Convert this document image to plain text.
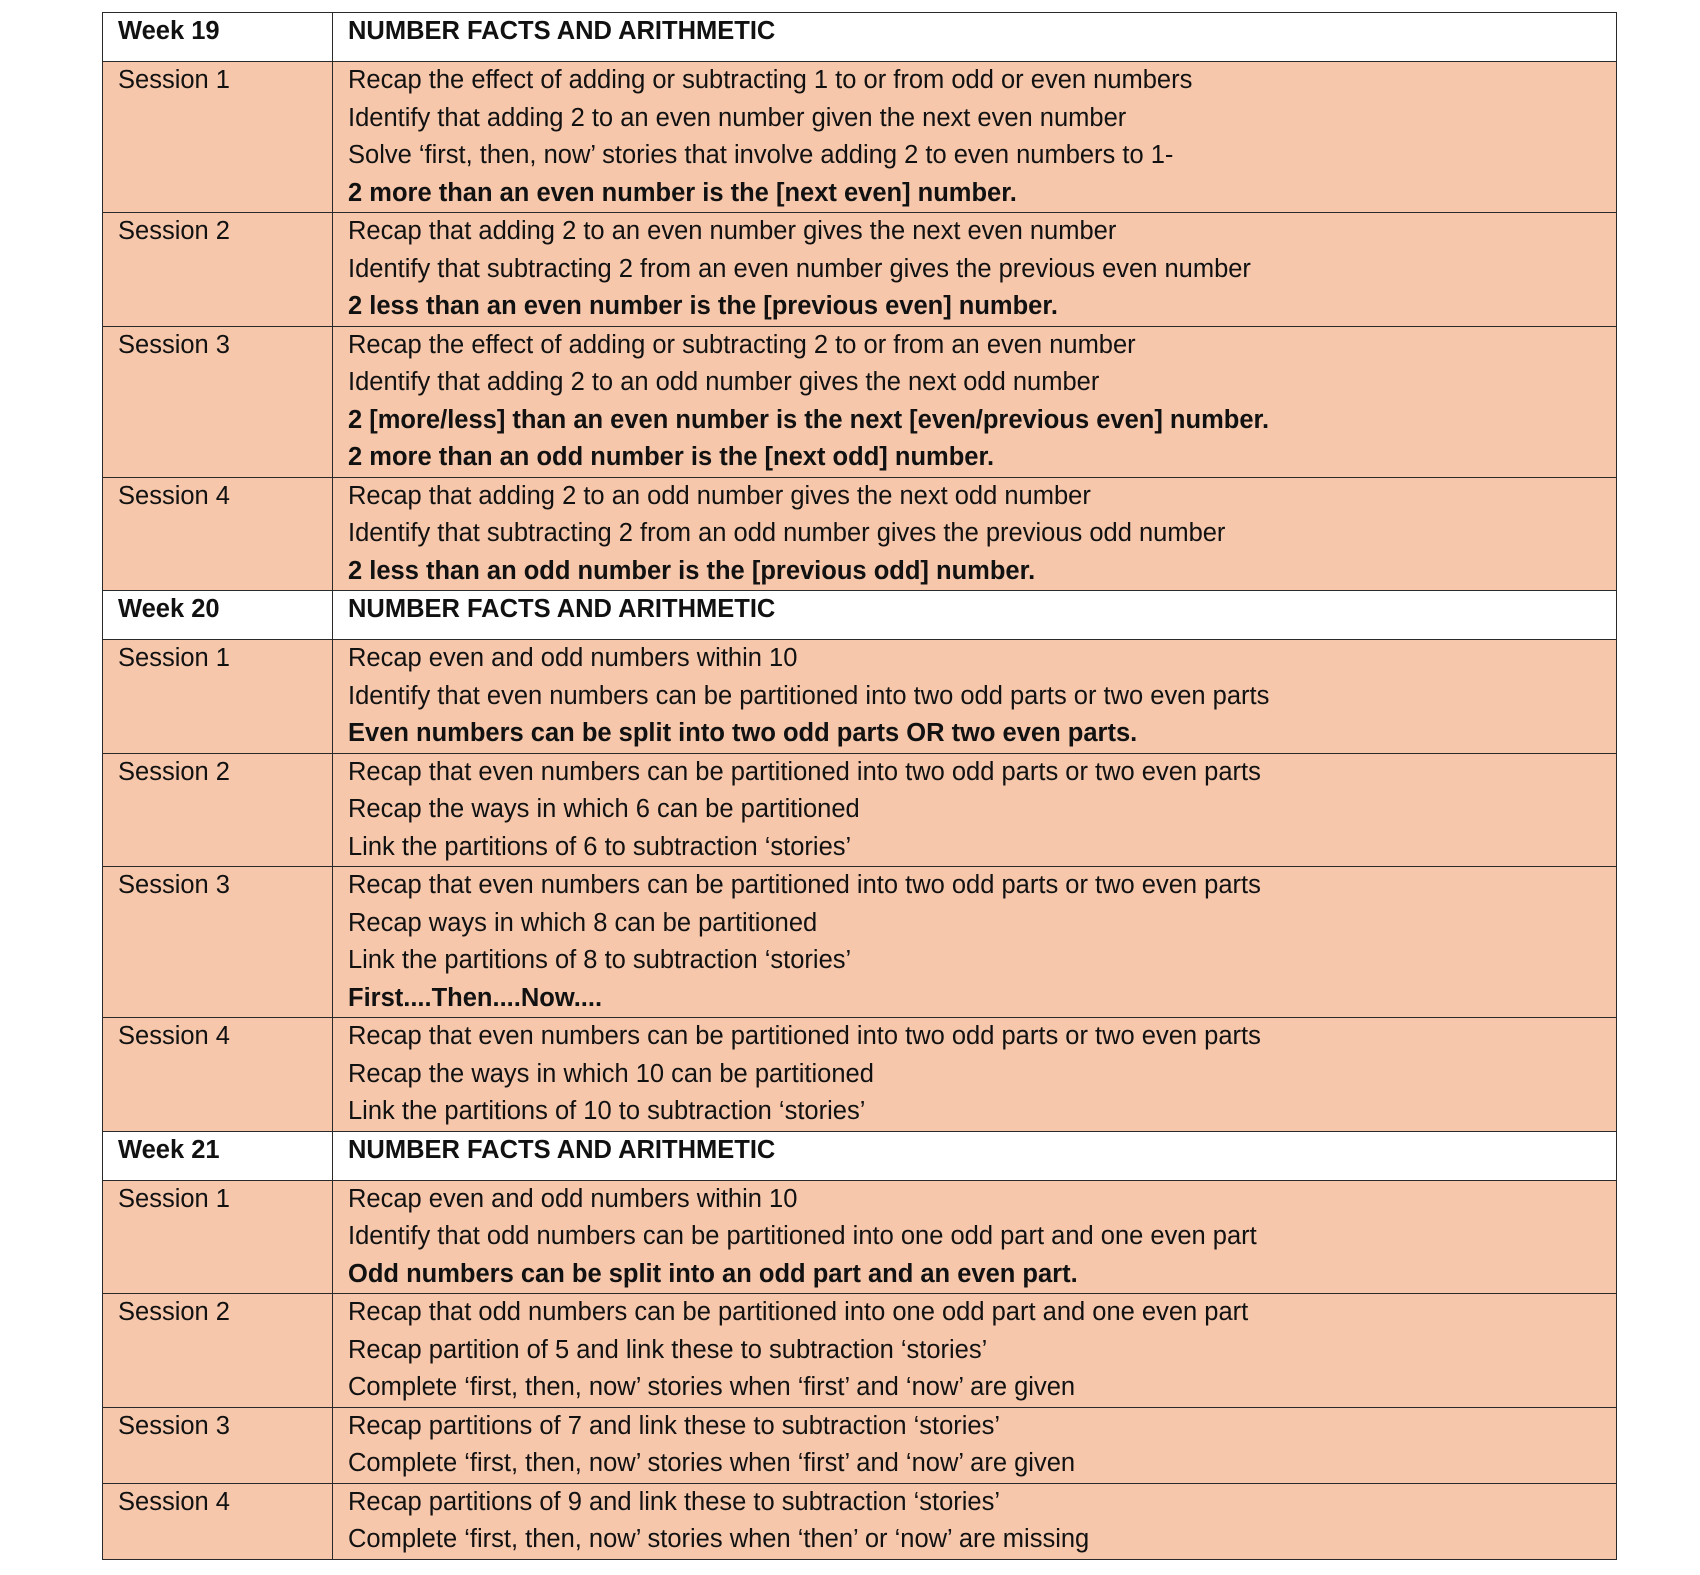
Week 19	NUMBER FACTS AND ARITHMETIC
Session 1	Recap the effect of adding or subtracting 1 to or from odd or even numbers
Identify that adding 2 to an even number given the next even number
Solve ‘first, then, now’ stories that involve adding 2 to even numbers to 1-
2 more than an even number is the [next even] number.

Session 2	Recap that adding 2 to an even number gives the next even number
Identify that subtracting 2 from an even number gives the previous even number
2 less than an even number is the [previous even] number.

Session 3	Recap the effect of adding or subtracting 2 to or from an even number
Identify that adding 2 to an odd number gives the next odd number
2 [more/less] than an even number is the next [even/previous even] number.
2 more than an odd number is the [next odd] number.

Session 4	Recap that adding 2 to an odd number gives the next odd number
Identify that subtracting 2 from an odd number gives the previous odd number
2 less than an odd number is the [previous odd] number.

Week 20	NUMBER FACTS AND ARITHMETIC
Session 1	Recap even and odd numbers within 10
Identify that even numbers can be partitioned into two odd parts or two even parts
Even numbers can be split into two odd parts OR two even parts.

Session 2	Recap that even numbers can be partitioned into two odd parts or two even parts
Recap the ways in which 6 can be partitioned
Link the partitions of 6 to subtraction ‘stories’

Session 3	Recap that even numbers can be partitioned into two odd parts or two even parts
Recap ways in which 8 can be partitioned
Link the partitions of 8 to subtraction ‘stories’
First....Then....Now....

Session 4	Recap that even numbers can be partitioned into two odd parts or two even parts
Recap the ways in which 10 can be partitioned
Link the partitions of 10 to subtraction ‘stories’

Week 21	NUMBER FACTS AND ARITHMETIC
Session 1	Recap even and odd numbers within 10
Identify that odd numbers can be partitioned into one odd part and one even part
Odd numbers can be split into an odd part and an even part.

Session 2	Recap that odd numbers can be partitioned into one odd part and one even part
Recap partition of 5 and link these to subtraction ‘stories’
Complete ‘first, then, now’ stories when ‘first’ and ‘now’ are given

Session 3	Recap partitions of 7 and link these to subtraction ‘stories’
Complete ‘first, then, now’ stories when ‘first’ and ‘now’ are given

Session 4	Recap partitions of 9 and link these to subtraction ‘stories’
Complete ‘first, then, now’ stories when ‘then’ or ‘now’ are missing
